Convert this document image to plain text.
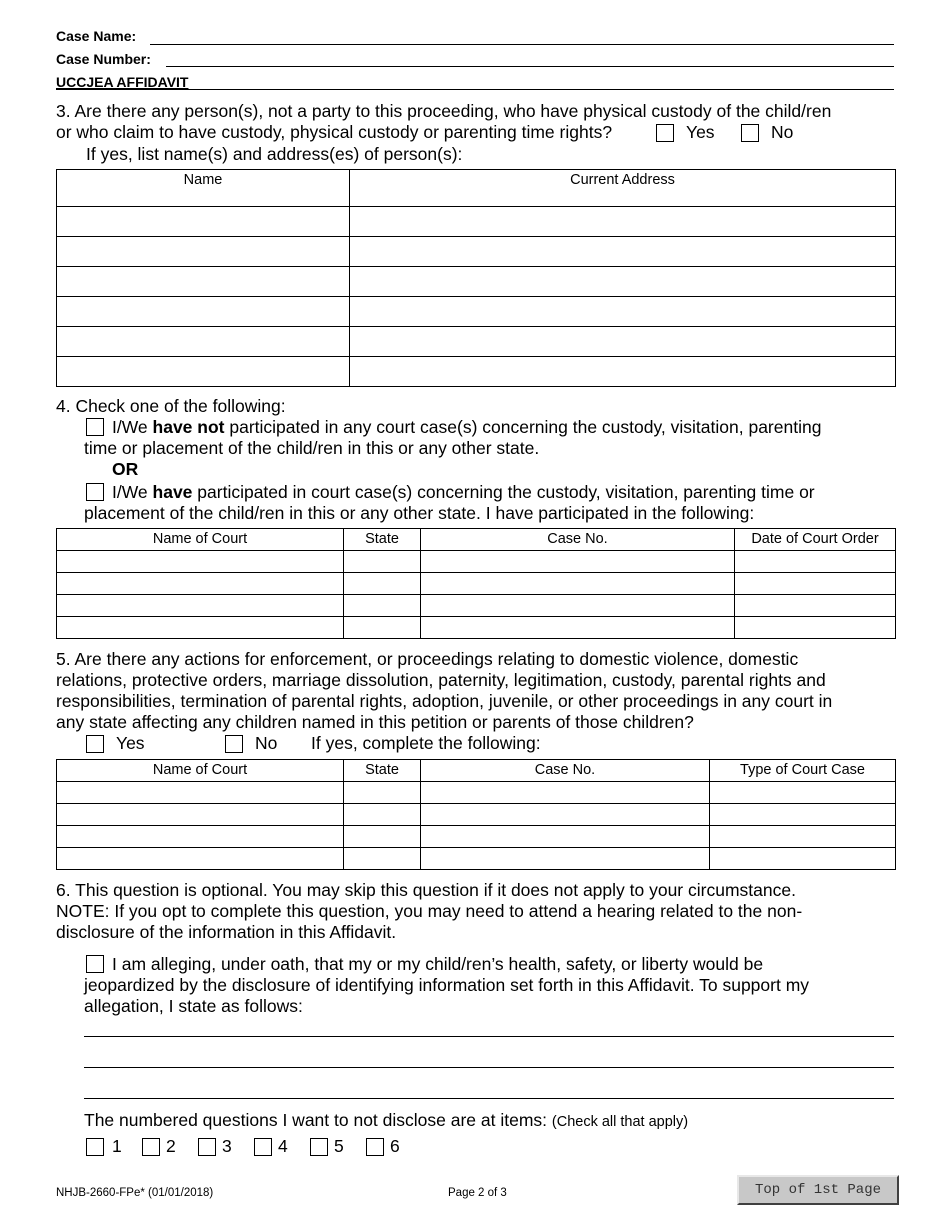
Case Name:
Case Number:
UCCJEA AFFIDAVIT
3. Are there any person(s), not a party to this proceeding, who have physical custody of the child/ren
or who claim to have custody, physical custody or parenting time rights?	Yes	No
If yes, list name(s) and address(es) of person(s):
Name	Current Address

4. Check one of the following:
I/We have not participated in any court case(s) concerning the custody, visitation, parenting
time or placement of the child/ren in this or any other state.
OR
I/We have participated in court case(s) concerning the custody, visitation, parenting time or
placement of the child/ren in this or any other state. I have participated in the following:
Name of Court	State	Case No.	Date of Court Order

5. Are there any actions for enforcement, or proceedings relating to domestic violence, domestic
relations, protective orders, marriage dissolution, paternity, legitimation, custody, parental rights and
responsibilities, termination of parental rights, adoption, juvenile, or other proceedings in any court in
any state affecting any children named in this petition or parents of those children?
Yes	No If yes, complete the following:
Name of Court	State	Case No.	Type of Court Case

6. This question is optional. You may skip this question if it does not apply to your circumstance.
NOTE: If you opt to complete this question, you may need to attend a hearing related to the non-
disclosure of the information in this Affidavit.
I am alleging, under oath, that my or my child/ren’s health, safety, or liberty would be
jeopardized by the disclosure of identifying information set forth in this Affidavit. To support my
allegation, I state as follows:
The numbered questions I want to not disclose are at items: (Check all that apply)
1	2	3	4	5	6
NHJB-2660-FPe* (01/01/2018)	Page 2 of 3	Top of 1st Page
